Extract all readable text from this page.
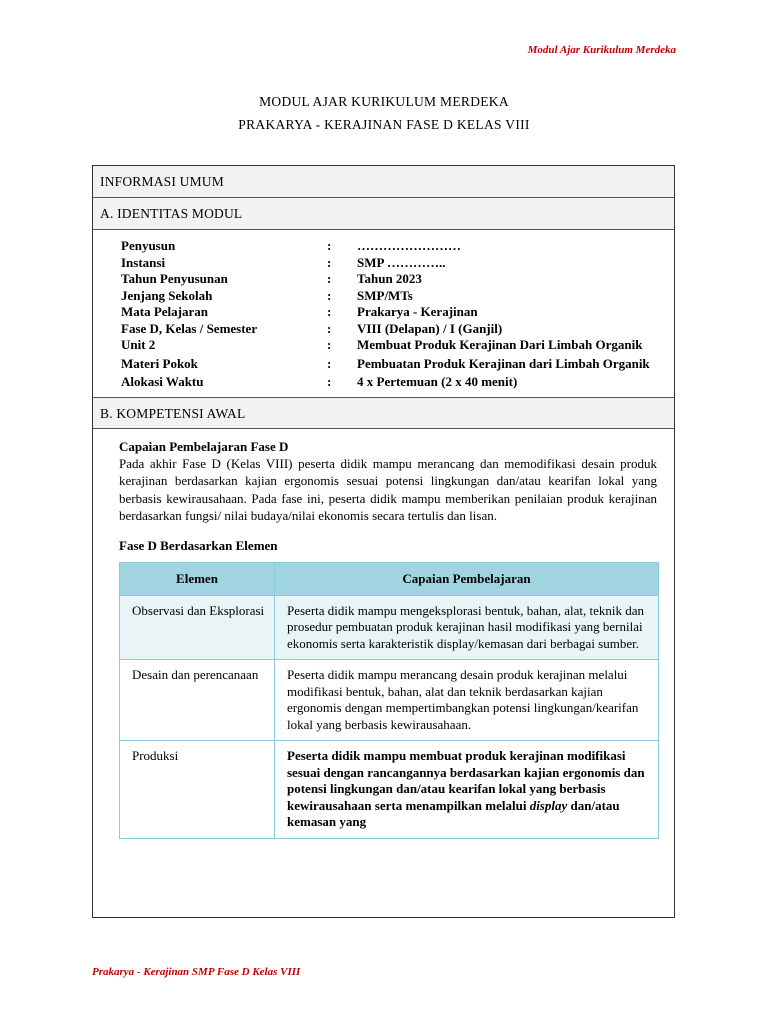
Modul Ajar Kurikulum Merdeka
MODUL AJAR KURIKULUM MERDEKA
PRAKARYA - KERAJINAN FASE D KELAS VIII
INFORMASI UMUM
A. IDENTITAS MODUL
Penyusun	:	……………………
Instansi	:	SMP …………..
Tahun Penyusunan	:	Tahun 2023
Jenjang Sekolah	:	SMP/MTs
Mata Pelajaran	:	Prakarya - Kerajinan
Fase D, Kelas / Semester	:	VIII (Delapan) / I (Ganjil)
Unit 2	:	Membuat Produk Kerajinan Dari Limbah Organik
Materi Pokok	:	Pembuatan Produk Kerajinan dari Limbah Organik
Alokasi Waktu	:	4 x Pertemuan (2 x 40 menit)
B. KOMPETENSI AWAL
Capaian Pembelajaran Fase D
Pada akhir Fase D (Kelas VIII) peserta didik mampu merancang dan memodifikasi desain produk kerajinan berdasarkan kajian ergonomis sesuai potensi lingkungan dan/atau kearifan lokal yang berbasis kewirausahaan. Pada fase ini, peserta didik mampu memberikan penilaian produk kerajinan berdasarkan fungsi/ nilai budaya/nilai ekonomis secara tertulis dan lisan.
Fase D Berdasarkan Elemen
Elemen	Capaian Pembelajaran
Observasi dan Eksplorasi	Peserta didik mampu mengeksplorasi bentuk, bahan, alat, teknik dan prosedur pembuatan produk kerajinan hasil modifikasi yang bernilai ekonomis serta karakteristik display/kemasan dari berbagai sumber.
Desain dan perencanaan	Peserta didik mampu merancang desain produk kerajinan melalui modifikasi bentuk, bahan, alat dan teknik berdasarkan kajian ergonomis dengan mempertimbangkan potensi lingkungan/kearifan lokal yang berbasis kewirausahaan.
Produksi	Peserta didik mampu membuat produk kerajinan modifikasi sesuai dengan rancangannya berdasarkan kajian ergonomis dan potensi lingkungan dan/atau kearifan lokal yang berbasis kewirausahaan serta menampilkan melalui display dan/atau kemasan yang
Prakarya - Kerajinan SMP Fase D Kelas VIII
